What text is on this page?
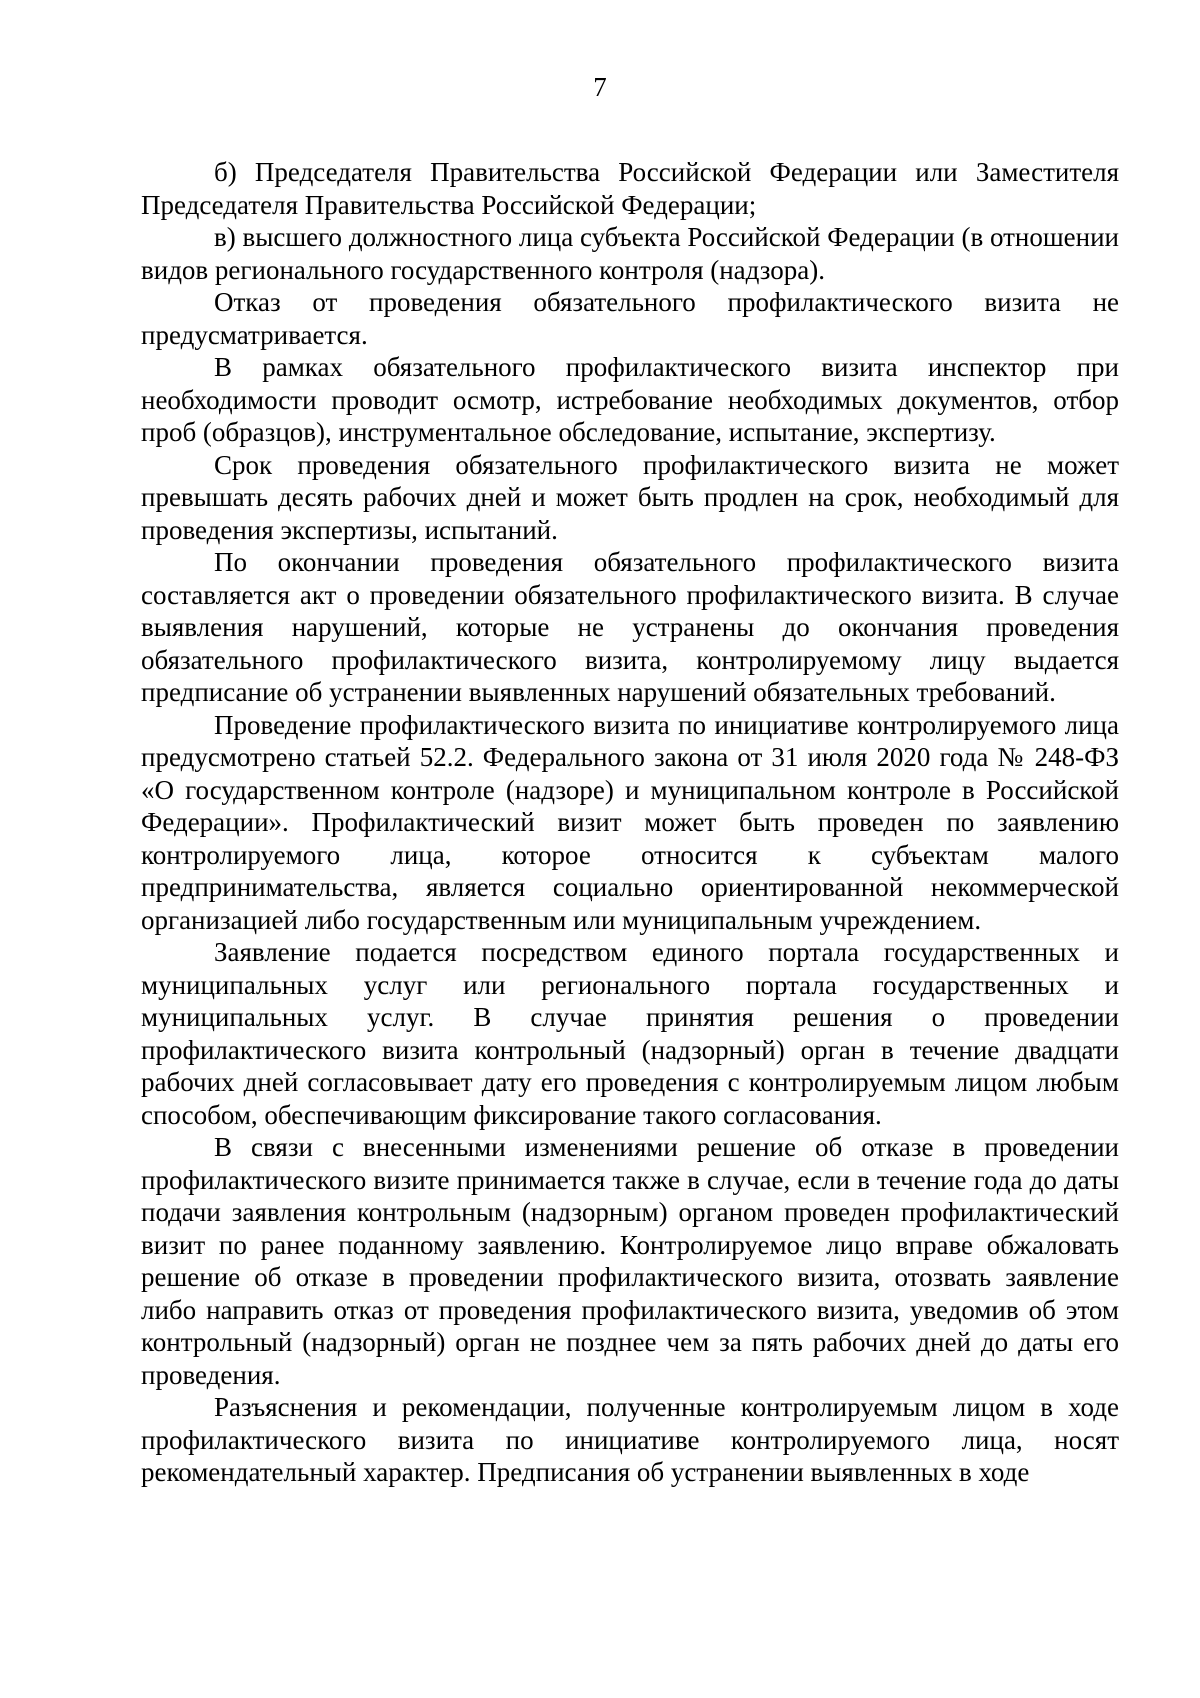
7

б) Председателя Правительства Российской Федерации или Заместителя Председателя Правительства Российской Федерации;

в) высшего должностного лица субъекта Российской Федерации (в отношении видов регионального государственного контроля (надзора).

Отказ от проведения обязательного профилактического визита не предусматривается.

В рамках обязательного профилактического визита инспектор при необходимости проводит осмотр, истребование необходимых документов, отбор проб (образцов), инструментальное обследование, испытание, экспертизу.

Срок проведения обязательного профилактического визита не может превышать десять рабочих дней и может быть продлен на срок, необходимый для проведения экспертизы, испытаний.

По окончании проведения обязательного профилактического визита составляется акт о проведении обязательного профилактического визита. В случае выявления нарушений, которые не устранены до окончания проведения обязательного профилактического визита, контролируемому лицу выдается предписание об устранении выявленных нарушений обязательных требований.

Проведение профилактического визита по инициативе контролируемого лица предусмотрено статьей 52.2. Федерального закона от 31 июля 2020 года № 248-ФЗ «О государственном контроле (надзоре) и муниципальном контроле в Российской Федерации». Профилактический визит может быть проведен по заявлению контролируемого лица, которое относится к субъектам малого предпринимательства, является социально ориентированной некоммерческой организацией либо государственным или муниципальным учреждением.

Заявление подается посредством единого портала государственных и муниципальных услуг или регионального портала государственных и муниципальных услуг. В случае принятия решения о проведении профилактического визита контрольный (надзорный) орган в течение двадцати рабочих дней согласовывает дату его проведения с контролируемым лицом любым способом, обеспечивающим фиксирование такого согласования.

В связи с внесенными изменениями решение об отказе в проведении профилактического визите принимается также в случае, если в течение года до даты подачи заявления контрольным (надзорным) органом проведен профилактический визит по ранее поданному заявлению. Контролируемое лицо вправе обжаловать решение об отказе в проведении профилактического визита, отозвать заявление либо направить отказ от проведения профилактического визита, уведомив об этом контрольный (надзорный) орган не позднее чем за пять рабочих дней до даты его проведения.

Разъяснения и рекомендации, полученные контролируемым лицом в ходе профилактического визита по инициативе контролируемого лица, носят рекомендательный характер. Предписания об устранении выявленных в ходе
